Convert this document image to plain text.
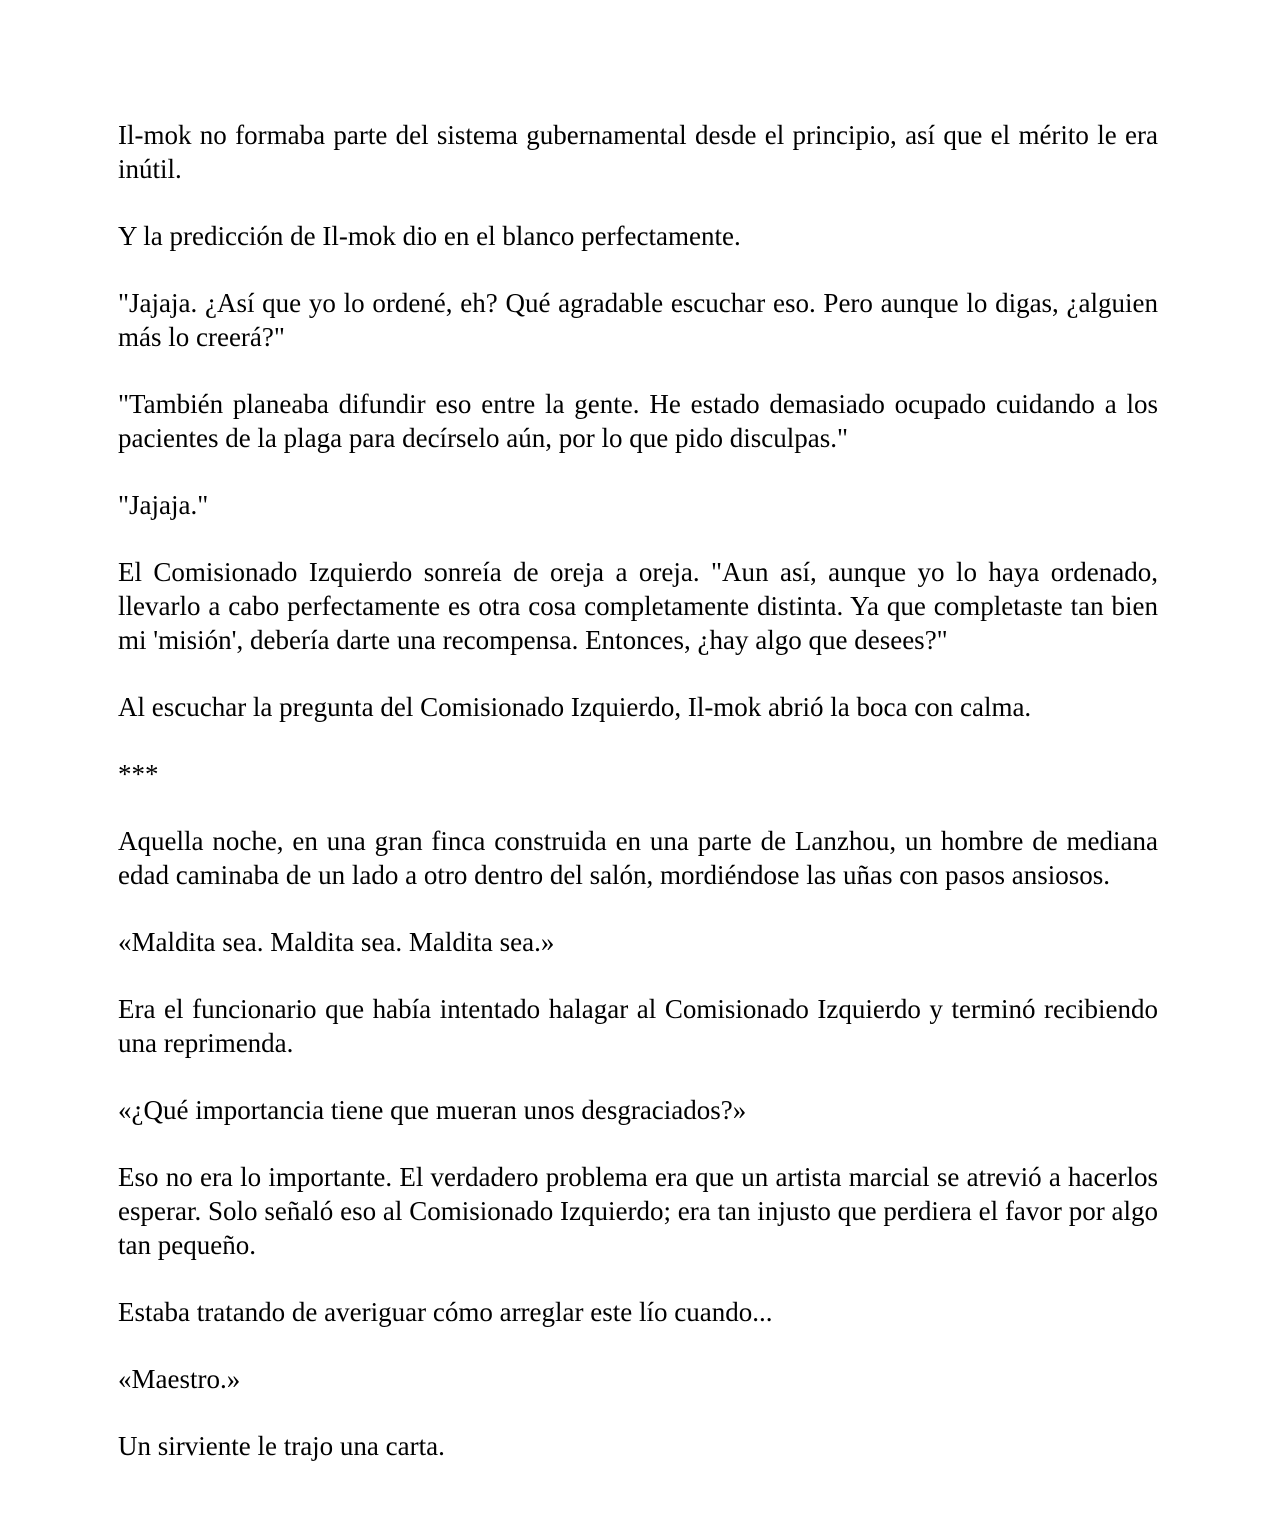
Il-mok no formaba parte del sistema gubernamental desde el principio, así que el mérito le era inútil.

Y la predicción de Il-mok dio en el blanco perfectamente.

"Jajaja. ¿Así que yo lo ordené, eh? Qué agradable escuchar eso. Pero aunque lo digas, ¿alguien más lo creerá?"

"También planeaba difundir eso entre la gente. He estado demasiado ocupado cuidando a los pacientes de la plaga para decírselo aún, por lo que pido disculpas."

"Jajaja."

El Comisionado Izquierdo sonreía de oreja a oreja. "Aun así, aunque yo lo haya ordenado, llevarlo a cabo perfectamente es otra cosa completamente distinta. Ya que completaste tan bien mi 'misión', debería darte una recompensa. Entonces, ¿hay algo que desees?"

Al escuchar la pregunta del Comisionado Izquierdo, Il-mok abrió la boca con calma.

***

Aquella noche, en una gran finca construida en una parte de Lanzhou, un hombre de mediana edad caminaba de un lado a otro dentro del salón, mordiéndose las uñas con pasos ansiosos.

«Maldita sea. Maldita sea. Maldita sea.»

Era el funcionario que había intentado halagar al Comisionado Izquierdo y terminó recibiendo una reprimenda.

«¿Qué importancia tiene que mueran unos desgraciados?»

Eso no era lo importante. El verdadero problema era que un artista marcial se atrevió a hacerlos esperar. Solo señaló eso al Comisionado Izquierdo; era tan injusto que perdiera el favor por algo tan pequeño.

Estaba tratando de averiguar cómo arreglar este lío cuando...

«Maestro.»

Un sirviente le trajo una carta.
